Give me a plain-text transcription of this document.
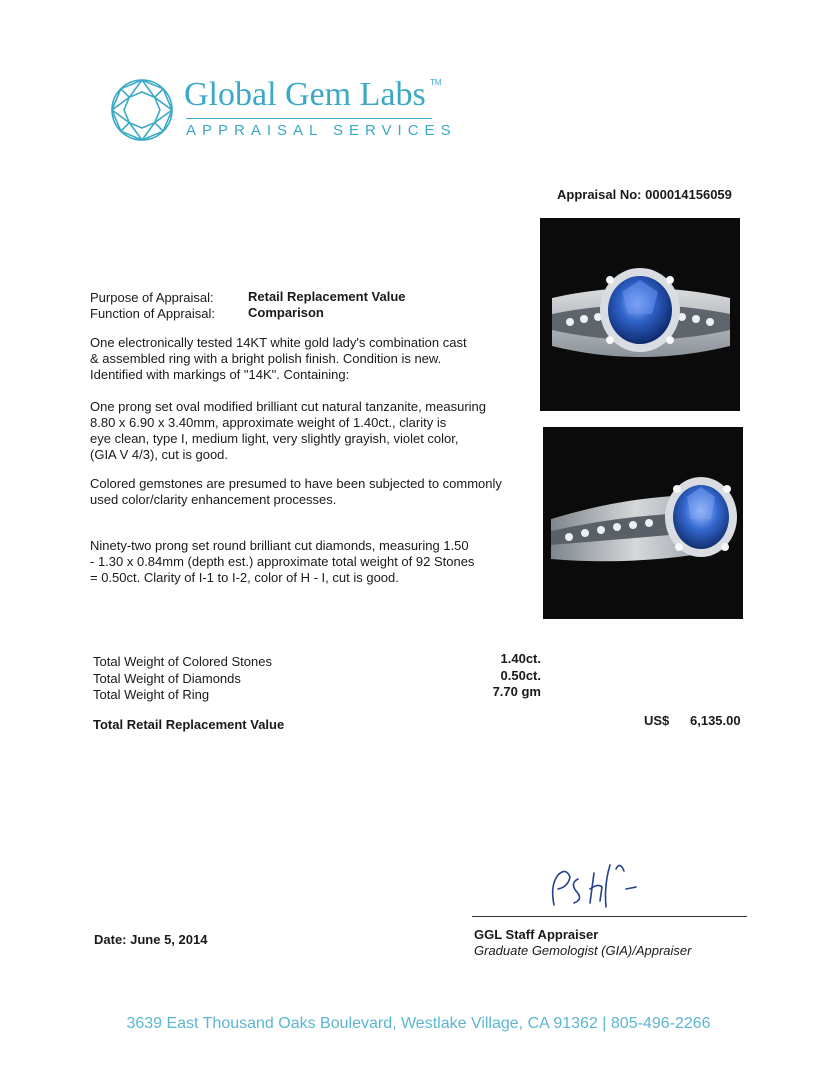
Global Gem Labs TM
APPRAISAL SERVICES
Appraisal No: 000014156059
Purpose of Appraisal:	Retail Replacement Value
Function of Appraisal:	Comparison
One electronically tested 14KT white gold lady's combination cast
& assembled ring with a bright polish finish. Condition is new.
Identified with markings of "14K". Containing:
One prong set oval modified brilliant cut natural tanzanite, measuring
8.80 x 6.90 x 3.40mm, approximate weight of 1.40ct., clarity is
eye clean, type I, medium light, very slightly grayish, violet color,
(GIA V 4/3), cut is good.
Colored gemstones are presumed to have been subjected to commonly
used color/clarity enhancement processes.
Ninety-two prong set round brilliant cut diamonds, measuring 1.50
- 1.30 x 0.84mm (depth est.) approximate total weight of 92 Stones
= 0.50ct. Clarity of I-1 to I-2, color of H - I, cut is good.
Total Weight of Colored Stones	1.40ct.
Total Weight of Diamonds	0.50ct.
Total Weight of Ring	7.70 gm
Total Retail Replacement Value	US$ 6,135.00
Date: June 5, 2014	GGL Staff Appraiser
Graduate Gemologist (GIA)/Appraiser
3639 East Thousand Oaks Boulevard, Westlake Village, CA 91362 | 805-496-2266
